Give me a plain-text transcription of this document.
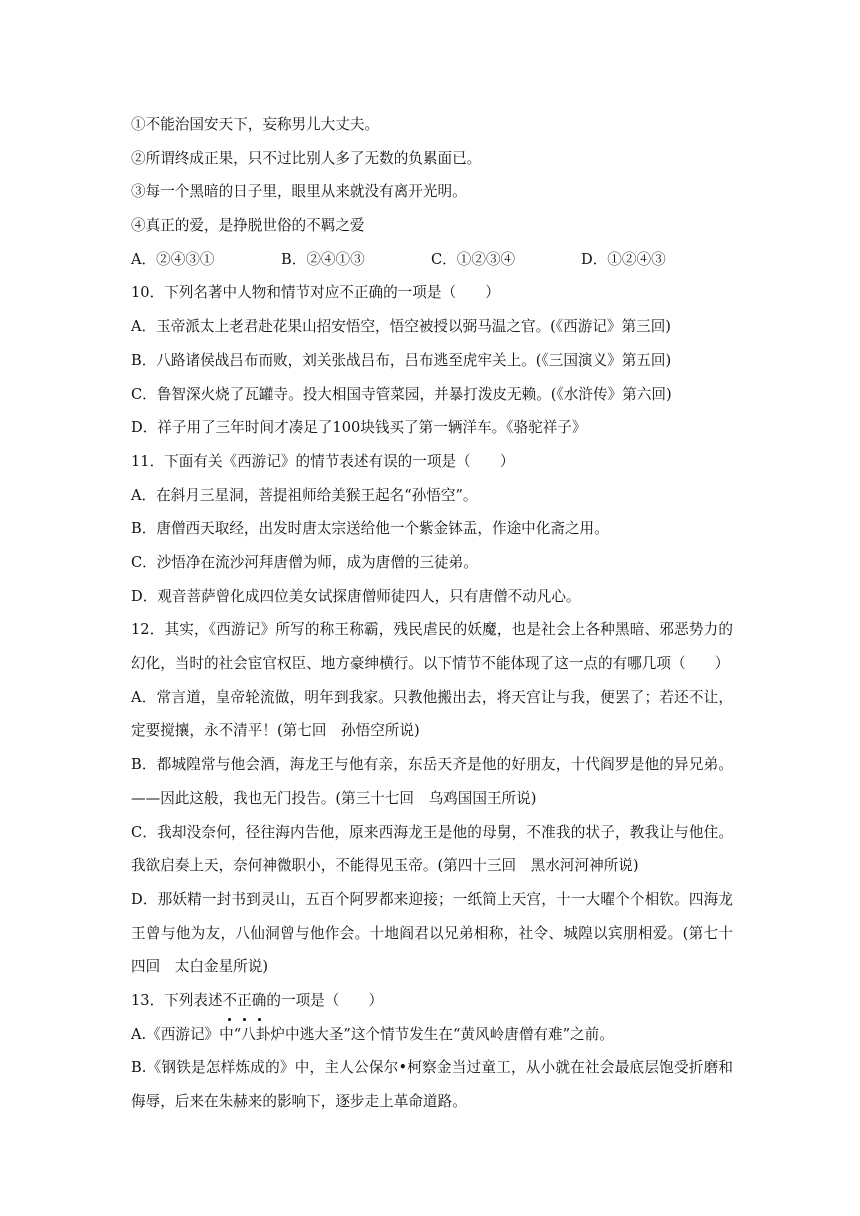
①不能治国安天下，妄称男儿大丈夫。
②所谓终成正果，只不过比别人多了无数的负累面已。
③每一个黑暗的日子里，眼里从来就没有离开光明。
④真正的爱，是挣脱世俗的不羁之爱
A．②④③①	B．②④①③	C．①②③④	D．①②④③
10．下列名著中人物和情节对应不正确的一项是（　　）
A．玉帝派太上老君赴花果山招安悟空，悟空被授以弼马温之官。(《西游记》第三回)
B．八路诸侯战吕布而败，刘关张战吕布，吕布逃至虎牢关上。(《三国演义》第五回)
C．鲁智深火烧了瓦罐寺。投大相国寺管菜园，并暴打泼皮无赖。(《水浒传》第六回)
D．祥子用了三年时间才凑足了100块钱买了第一辆洋车。《骆驼祥子》
11．下面有关《西游记》的情节表述有误的一项是（　　）
A．在斜月三星洞，菩提祖师给美猴王起名“孙悟空”。
B．唐僧西天取经，出发时唐太宗送给他一个紫金钵盂，作途中化斋之用。
C．沙悟净在流沙河拜唐僧为师，成为唐僧的三徒弟。
D．观音菩萨曾化成四位美女试探唐僧师徒四人，只有唐僧不动凡心。
12．其实，《西游记》所写的称王称霸，残民虐民的妖魔，也是社会上各种黑暗、邪恶势力的幻化，当时的社会宦官权臣、地方豪绅横行。以下情节不能体现了这一点的有哪几项（　　）
A．常言道，皇帝轮流做，明年到我家。只教他搬出去，将天宫让与我，便罢了；若还不让，定要搅攘，永不清平！(第七回　孙悟空所说)
B．都城隍常与他会酒，海龙王与他有亲，东岳天齐是他的好朋友，十代阎罗是他的异兄弟。——因此这般，我也无门投告。(第三十七回　乌鸡国国王所说)
C．我却没奈何，径往海内告他，原来西海龙王是他的母舅，不准我的状子，教我让与他住。我欲启奏上天，奈何神微职小，不能得见玉帝。(第四十三回　黑水河河神所说)
D．那妖精一封书到灵山，五百个阿罗都来迎接；一纸简上天宫，十一大曜个个相钦。四海龙王曾与他为友，八仙洞曾与他作会。十地阎君以兄弟相称，社令、城隍以宾朋相爱。(第七十四回　太白金星所说)
13．下列表述不正确的一项是（　　）
A.《西游记》中“八卦炉中逃大圣”这个情节发生在“黄风岭唐僧有难”之前。
B.《钢铁是怎样炼成的》中，主人公保尔•柯察金当过童工，从小就在社会最底层饱受折磨和侮辱，后来在朱赫来的影响下，逐步走上革命道路。
